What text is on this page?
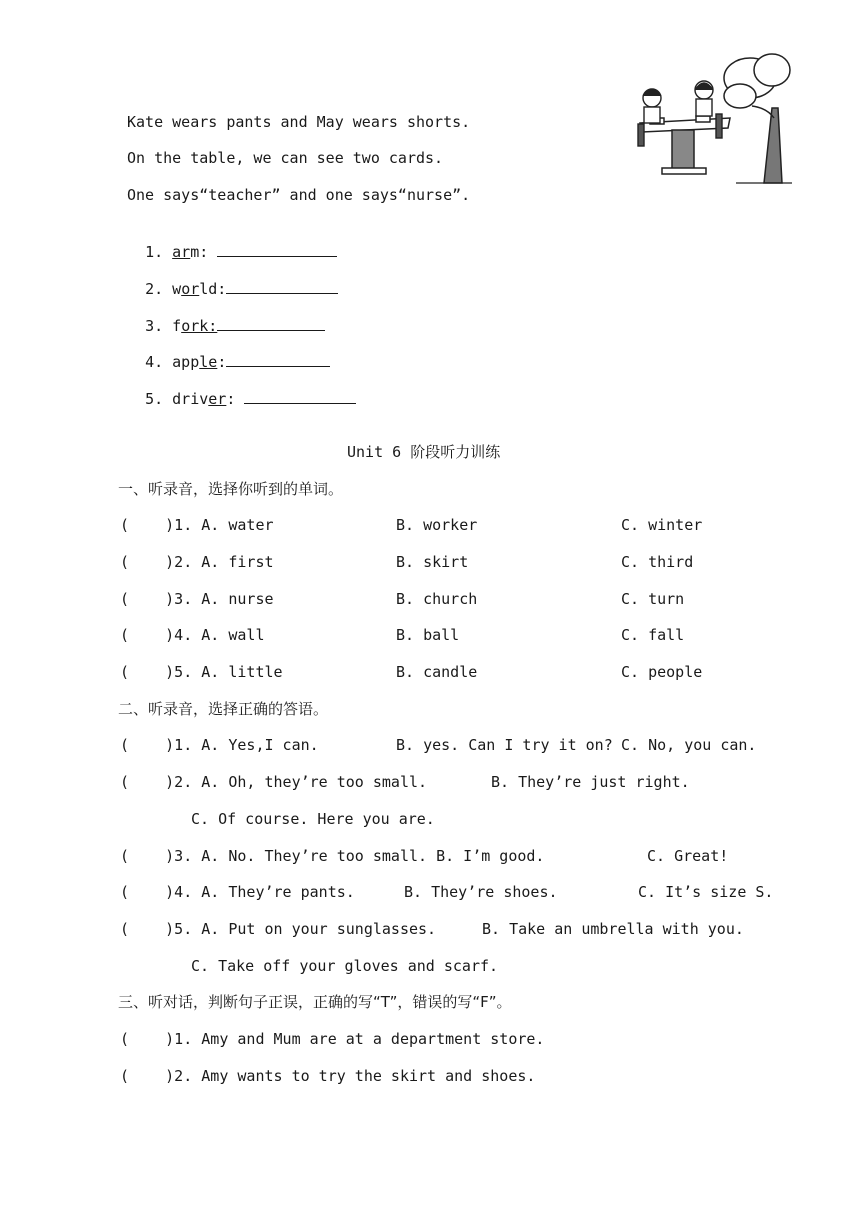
Kate wears pants and May wears shorts.
On the table, we can see two cards.
One says“teacher” and one says“nurse”.

1. arm:

2. world:

3. fork:

4. apple:

5. driver:

Unit 6 阶段听力训练
一、听录音，选择你听到的单词。
(    )1. A. water	B. worker	C. winter
(    )2. A. first	B. skirt	C. third
(    )3. A. nurse	B. church	C. turn
(    )4. A. wall	B. ball	C. fall
(    )5. A. little	B. candle	C. people
二、听录音，选择正确的答语。
(    )1. A. Yes,I can.	B. yes. Can I try it on? C. No, you can.
(    )2. A. Oh, they’re too small.	B. They’re just right.
C. Of course. Here you are.
(    )3. A. No. They’re too small. B. I’m good.	C. Great!
(    )4. A. They’re pants.	B. They’re shoes.	C. It’s size S.
(    )5. A. Put on your sunglasses.	B. Take an umbrella with you.
C. Take off your gloves and scarf.
三、听对话，判断句子正误，正确的写“T”，错误的写“F”。
(    )1. Amy and Mum are at a department store.
(    )2. Amy wants to try the skirt and shoes.
